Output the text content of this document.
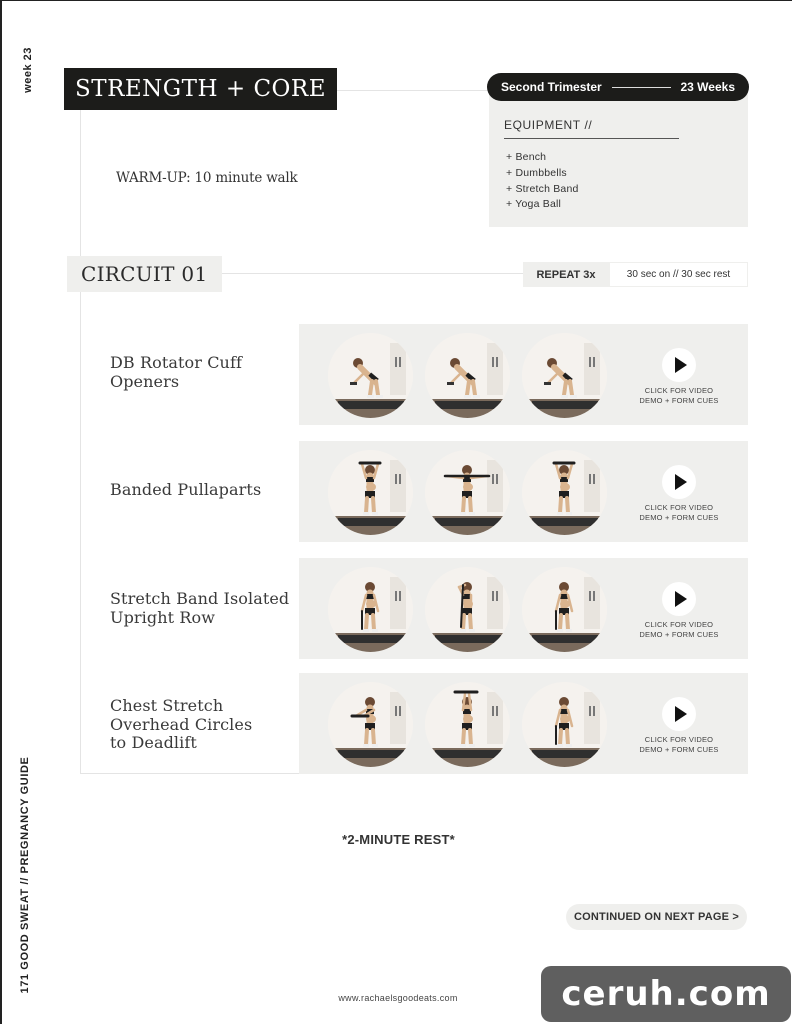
week 23
171 GOOD SWEAT // PREGNANCY GUIDE
STRENGTH + CORE
WARM-UP: 10 minute walk
Second Trimester	23 Weeks
EQUIPMENT //
+ Bench
+ Dumbbells
+ Stretch Band
+ Yoga Ball
CIRCUIT 01	REPEAT 3x	30 sec on // 30 sec rest
DB Rotator Cuff
Openers	CLICK FOR VIDEO
DEMO + FORM CUES
Banded Pullaparts
CLICK FOR VIDEO
DEMO + FORM CUES
Stretch Band Isolated
Upright Row	CLICK FOR VIDEO
DEMO + FORM CUES
Chest Stretch
Overhead Circles
to Deadlift	CLICK FOR VIDEO
DEMO + FORM CUES
*2-MINUTE REST*
CONTINUED ON NEXT PAGE >
www.rachaelsgoodeats.com	ceruh.com
